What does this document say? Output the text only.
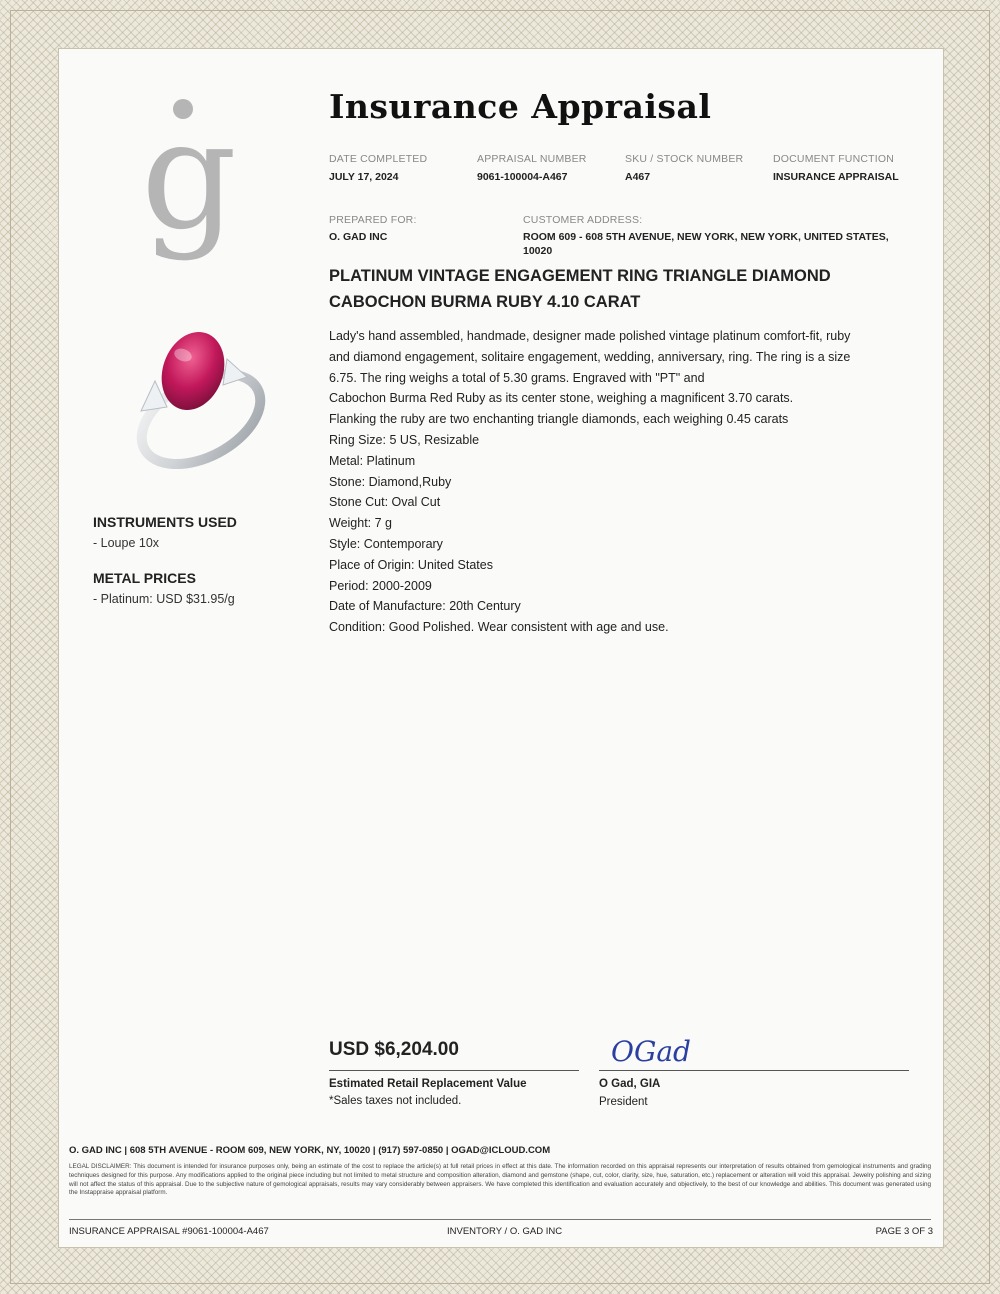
g
INSTRUMENTS USED
- Loupe 10x
METAL PRICES
- Platinum: USD $31.95/g
Insurance Appraisal
DATE COMPLETED
JULY 17, 2024
APPRAISAL NUMBER
9061-100004-A467
SKU / STOCK NUMBER
A467
DOCUMENT FUNCTION
INSURANCE APPRAISAL
PREPARED FOR:
O. GAD INC
CUSTOMER ADDRESS:
ROOM 609 - 608 5TH AVENUE, NEW YORK, NEW YORK, UNITED STATES,
10020
PLATINUM VINTAGE ENGAGEMENT RING TRIANGLE DIAMOND
CABOCHON BURMA RUBY 4.10 CARAT
Lady's hand assembled, handmade, designer made polished vintage platinum comfort-fit, ruby
and diamond engagement, solitaire engagement, wedding, anniversary, ring. The ring is a size
6.75. The ring weighs a total of 5.30 grams. Engraved with "PT" and
Cabochon Burma Red Ruby as its center stone, weighing a magnificent 3.70 carats.
Flanking the ruby are two enchanting triangle diamonds, each weighing 0.45 carats
Ring Size: 5 US, Resizable
Metal: Platinum
Stone: Diamond,Ruby
Stone Cut: Oval Cut
Weight: 7 g
Style: Contemporary
Place of Origin: United States
Period: 2000-2009
Date of Manufacture: 20th Century
Condition: Good Polished. Wear consistent with age and use.
USD $6,204.00
Estimated Retail Replacement Value
*Sales taxes not included.
OGad
O Gad, GIA
President
O. GAD INC | 608 5TH AVENUE - ROOM 609, NEW YORK, NY, 10020 | (917) 597-0850 | OGAD@ICLOUD.COM
LEGAL DISCLAIMER: This document is intended for insurance purposes only, being an estimate of the cost to replace the article(s) at full retail prices in effect at this date. The information recorded on this appraisal represents our interpretation of results obtained from gemological instruments and grading techniques designed for this purpose. Any modifications applied to the original piece including but not limited to metal structure and composition alteration, diamond and gemstone (shape, cut, color, clarity, size, hue, saturation, etc.) replacement or alteration will void this appraisal. Jewelry polishing and sizing will not affect the status of this appraisal. Due to the subjective nature of gemological appraisals, results may vary considerably between appraisers. We have completed this identification and evaluation accurately and objectively, to the best of our knowledge and abilities. This document was generated using the Instappraise appraisal platform.
INSURANCE APPRAISAL #9061-100004-A467	INVENTORY / O. GAD INC	PAGE 3 OF 3
